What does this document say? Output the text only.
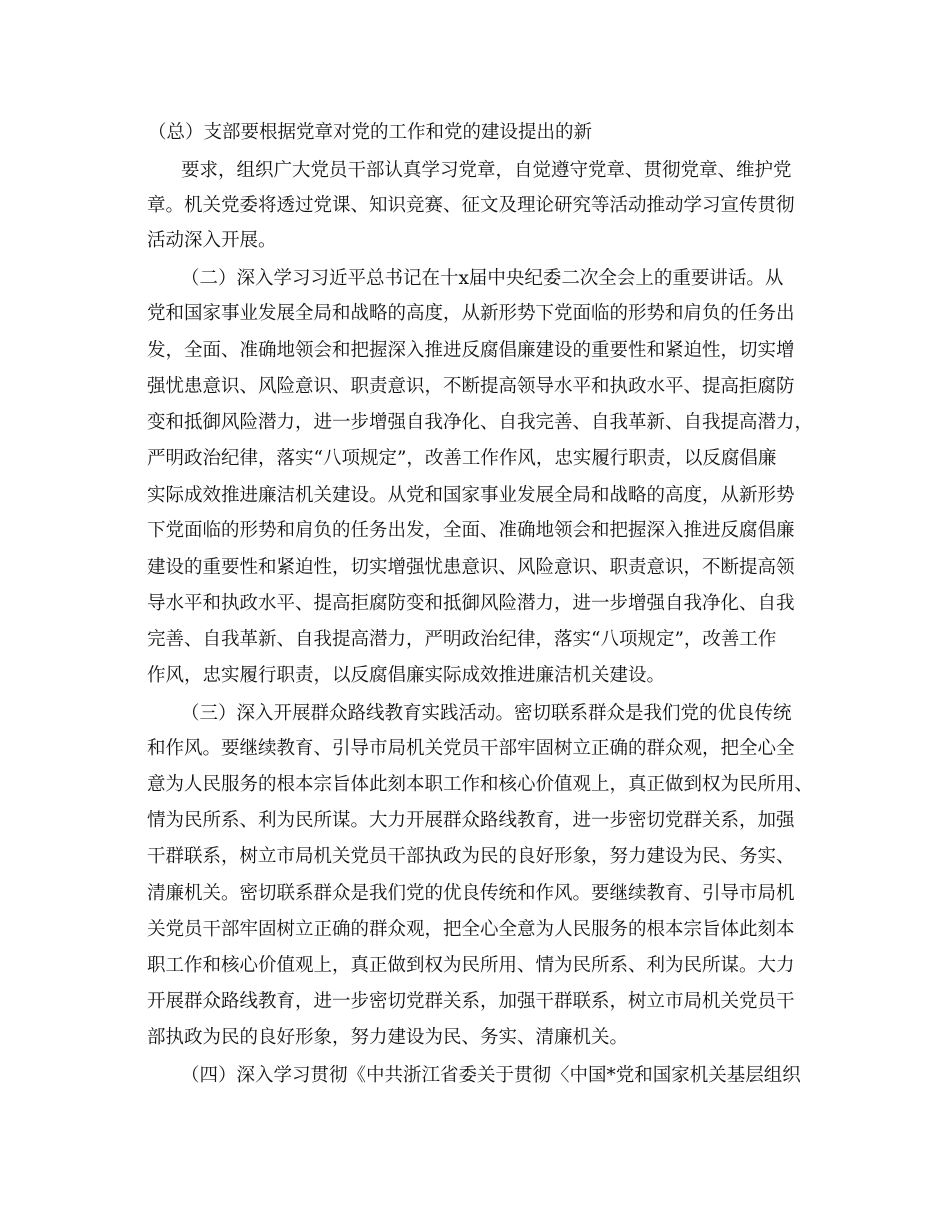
（总）支部要根据党章对党的工作和党的建设提出的新

要求，组织广大党员干部认真学习党章，自觉遵守党章、贯彻党章、维护党

章。机关党委将透过党课、知识竞赛、征文及理论研究等活动推动学习宣传贯彻

活动深入开展。

（二）深入学习习近平总书记在十x届中央纪委二次全会上的重要讲话。从

党和国家事业发展全局和战略的高度，从新形势下党面临的形势和肩负的任务出

发，全面、准确地领会和把握深入推进反腐倡廉建设的重要性和紧迫性，切实增

强忧患意识、风险意识、职责意识，不断提高领导水平和执政水平、提高拒腐防

变和抵御风险潜力，进一步增强自我净化、自我完善、自我革新、自我提高潜力，

严明政治纪律，落实“八项规定”，改善工作作风，忠实履行职责，以反腐倡廉

实际成效推进廉洁机关建设。从党和国家事业发展全局和战略的高度，从新形势

下党面临的形势和肩负的任务出发，全面、准确地领会和把握深入推进反腐倡廉

建设的重要性和紧迫性，切实增强忧患意识、风险意识、职责意识，不断提高领

导水平和执政水平、提高拒腐防变和抵御风险潜力，进一步增强自我净化、自我

完善、自我革新、自我提高潜力，严明政治纪律，落实“八项规定”，改善工作

作风，忠实履行职责，以反腐倡廉实际成效推进廉洁机关建设。

（三）深入开展群众路线教育实践活动。密切联系群众是我们党的优良传统

和作风。要继续教育、引导市局机关党员干部牢固树立正确的群众观，把全心全

意为人民服务的根本宗旨体此刻本职工作和核心价值观上，真正做到权为民所用、

情为民所系、利为民所谋。大力开展群众路线教育，进一步密切党群关系，加强

干群联系，树立市局机关党员干部执政为民的良好形象，努力建设为民、务实、

清廉机关。密切联系群众是我们党的优良传统和作风。要继续教育、引导市局机

关党员干部牢固树立正确的群众观，把全心全意为人民服务的根本宗旨体此刻本

职工作和核心价值观上，真正做到权为民所用、情为民所系、利为民所谋。大力

开展群众路线教育，进一步密切党群关系，加强干群联系，树立市局机关党员干

部执政为民的良好形象，努力建设为民、务实、清廉机关。

（四）深入学习贯彻《中共浙江省委关于贯彻〈中国*党和国家机关基层组织
